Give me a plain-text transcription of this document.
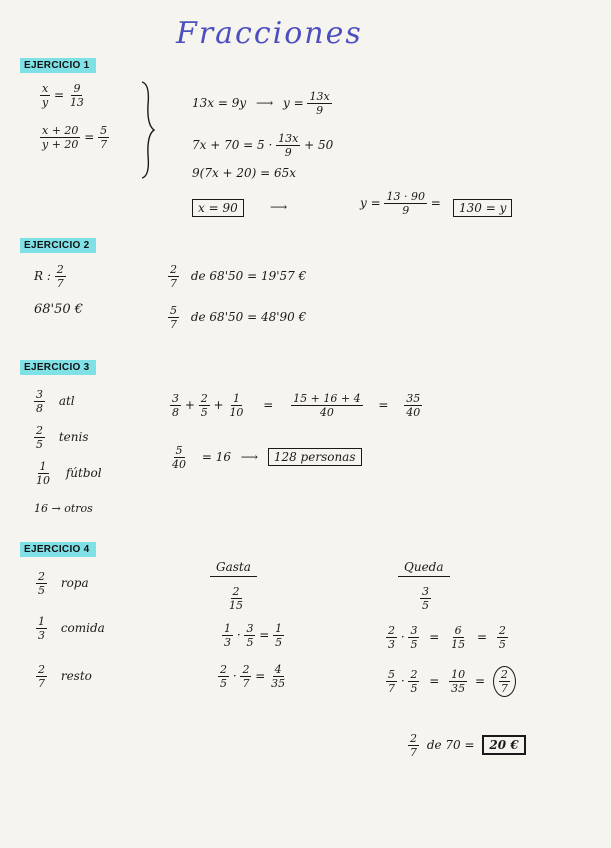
Fracciones
EJERCICIO 1
$\frac{x}{y} = \frac{9}{13}$
$\frac{x + 20}{y + 20} = \frac{5}{7}$
13x = 9y ⟶ $y = \frac{13x}{9}$
$7x + 70 = 5 \cdot \frac{13x}{9} + 50$
9(7x + 20) = 65x
x = 90	⟶	$y = \frac{13 \cdot 90}{9}$ =	130 = y
EJERCICIO 2
R : $\frac{2}{7}$
68'50 €
$\frac{2}{7}$ de 68'50 = 19'57 €
$\frac{5}{7}$ de 68'50 = 48'90 €
EJERCICIO 3
$\frac{3}{8}$ atl
$\frac{2}{5}$ tenis
$\frac{1}{10}$ fútbol
16 → otros
$\frac{3}{8} + \frac{2}{5} + \frac{1}{10} = \frac{15 + 16 + 4}{40} = \frac{35}{40}$
$\frac{5}{40} = 16$ ⟶ 128 personas
EJERCICIO 4
$\frac{2}{5}$ ropa
$\frac{1}{3}$ comida
$\frac{2}{7}$ resto
Gasta
$\frac{2}{15}$
$\frac{1}{3} \cdot \frac{3}{5} = \frac{1}{5}$
$\frac{2}{5} \cdot \frac{2}{7} = \frac{4}{35}$
Queda
$\frac{3}{5}$
$\frac{2}{3} \cdot \frac{3}{5} = \frac{6}{15} = \frac{2}{5}$
$\frac{5}{7} \cdot \frac{2}{5} = \frac{10}{35} = \frac{2}{7}$
$\frac{2}{7}$ de 70 = 20 €
